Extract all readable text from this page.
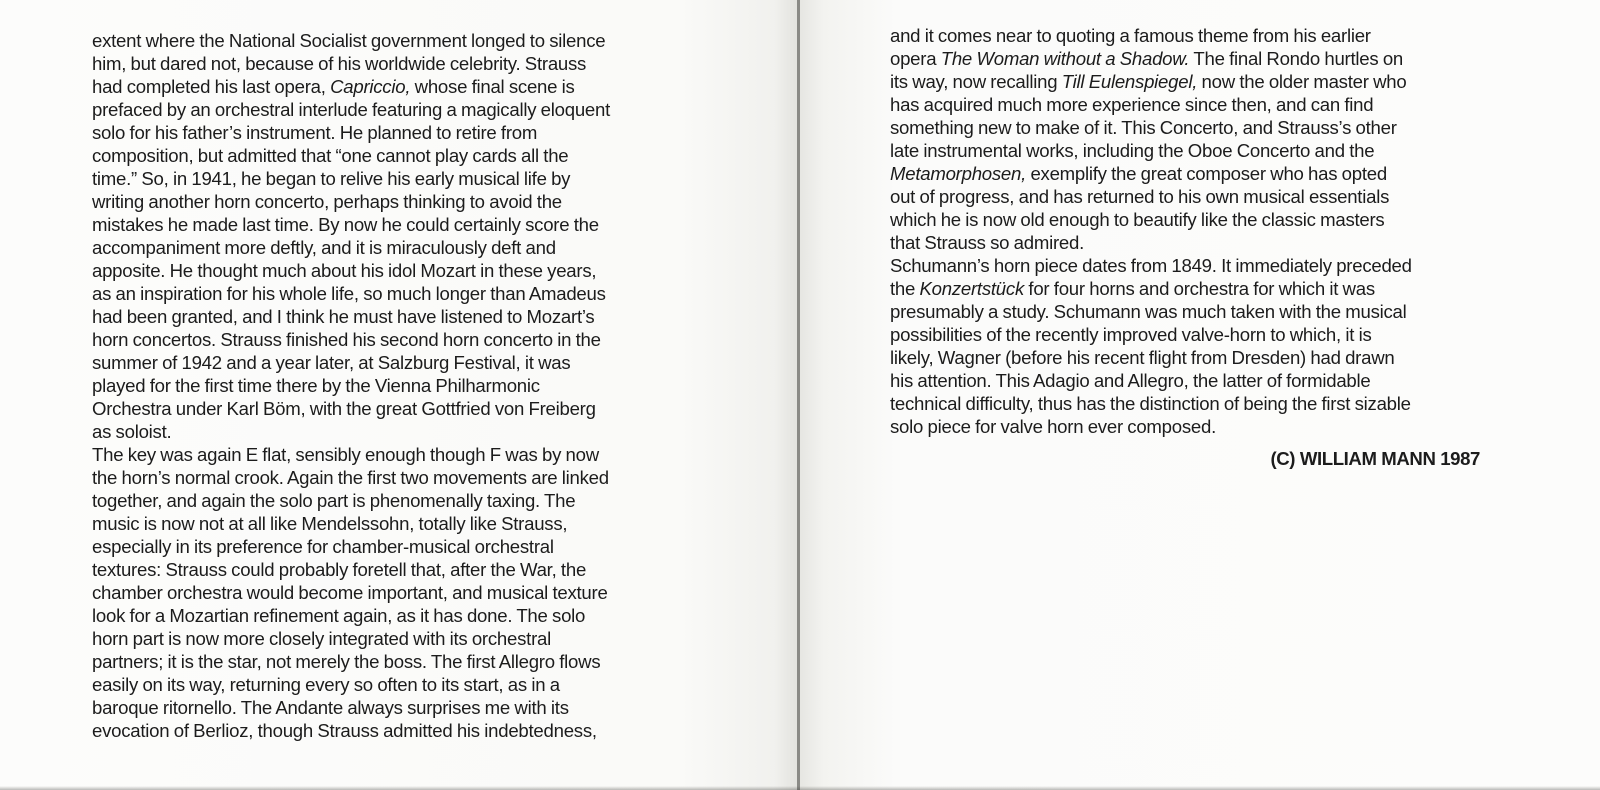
extent where the National Socialist government longed to silence
him, but dared not, because of his worldwide celebrity. Strauss
had completed his last opera, Capriccio, whose final scene is
prefaced by an orchestral interlude featuring a magically eloquent
solo for his father’s instrument. He planned to retire from
composition, but admitted that “one cannot play cards all the
time.” So, in 1941, he began to relive his early musical life by
writing another horn concerto, perhaps thinking to avoid the
mistakes he made last time. By now he could certainly score the
accompaniment more deftly, and it is miraculously deft and
apposite. He thought much about his idol Mozart in these years,
as an inspiration for his whole life, so much longer than Amadeus
had been granted, and I think he must have listened to Mozart’s
horn concertos. Strauss finished his second horn concerto in the
summer of 1942 and a year later, at Salzburg Festival, it was
played for the first time there by the Vienna Philharmonic
Orchestra under Karl Böm, with the great Gottfried von Freiberg
as soloist.

The key was again E flat, sensibly enough though F was by now
the horn’s normal crook. Again the first two movements are linked
together, and again the solo part is phenomenally taxing. The
music is now not at all like Mendelssohn, totally like Strauss,
especially in its preference for chamber-musical orchestral
textures: Strauss could probably foretell that, after the War, the
chamber orchestra would become important, and musical texture
look for a Mozartian refinement again, as it has done. The solo
horn part is now more closely integrated with its orchestral
partners; it is the star, not merely the boss. The first Allegro flows
easily on its way, returning every so often to its start, as in a
baroque ritornello. The Andante always surprises me with its
evocation of Berlioz, though Strauss admitted his indebtedness,

and it comes near to quoting a famous theme from his earlier
opera The Woman without a Shadow. The final Rondo hurtles on
its way, now recalling Till Eulenspiegel, now the older master who
has acquired much more experience since then, and can find
something new to make of it. This Concerto, and Strauss’s other
late instrumental works, including the Oboe Concerto and the
Metamorphosen, exemplify the great composer who has opted
out of progress, and has returned to his own musical essentials
which he is now old enough to beautify like the classic masters
that Strauss so admired.

Schumann’s horn piece dates from 1849. It immediately preceded
the Konzertstück for four horns and orchestra for which it was
presumably a study. Schumann was much taken with the musical
possibilities of the recently improved valve-horn to which, it is
likely, Wagner (before his recent flight from Dresden) had drawn
his attention. This Adagio and Allegro, the latter of formidable
technical difficulty, thus has the distinction of being the first sizable
solo piece for valve horn ever composed.

(C) WILLIAM MANN 1987
